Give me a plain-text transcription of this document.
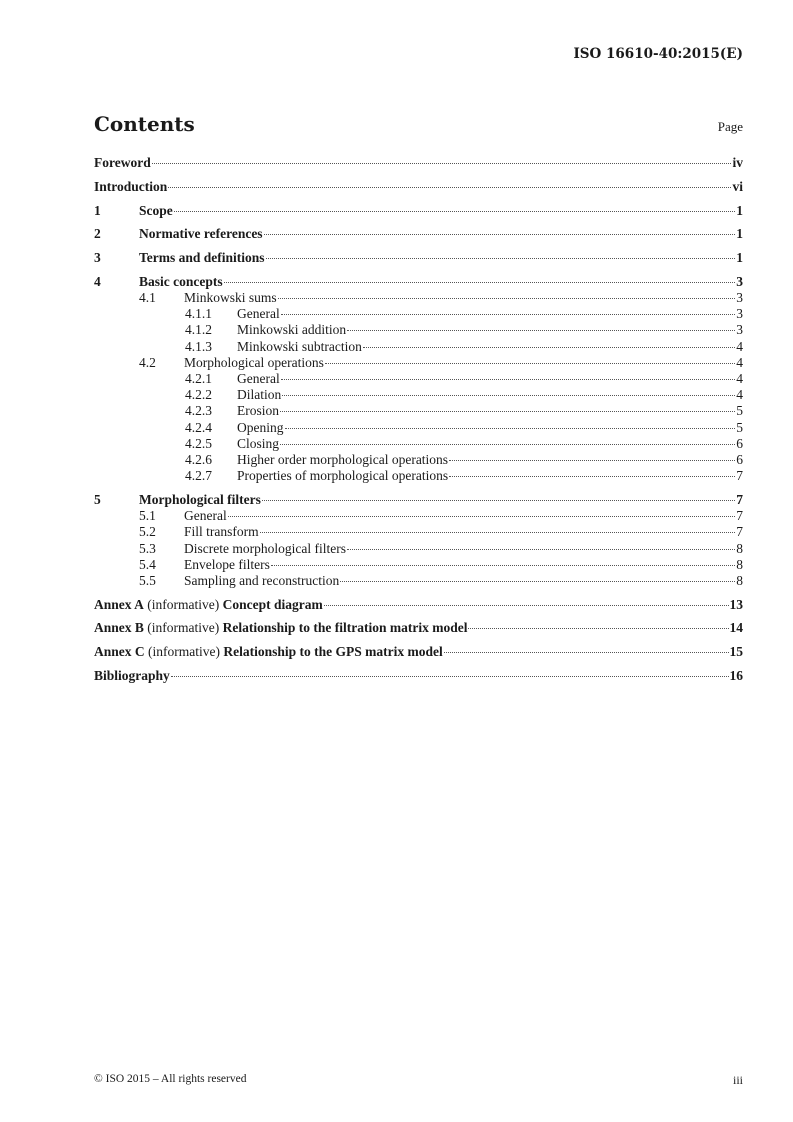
ISO 16610-40:2015(E)
Contents	Page
Foreword	iv
Introduction	vi
1	Scope	1
2	Normative references	1
3	Terms and definitions	1
4	Basic concepts	3
4.1	Minkowski sums	3
4.1.1	General	3
4.1.2	Minkowski addition	3
4.1.3	Minkowski subtraction	4
4.2	Morphological operations	4
4.2.1	General	4
4.2.2	Dilation	4
4.2.3	Erosion	5
4.2.4	Opening	5
4.2.5	Closing	6
4.2.6	Higher order morphological operations	6
4.2.7	Properties of morphological operations	7
5	Morphological filters	7
5.1	General	7
5.2	Fill transform	7
5.3	Discrete morphological filters	8
5.4	Envelope filters	8
5.5	Sampling and reconstruction	8
Annex A (informative) Concept diagram	13
Annex B (informative) Relationship to the filtration matrix model	14
Annex C (informative) Relationship to the GPS matrix model	15
Bibliography	16
© ISO 2015 – All rights reserved	iii
